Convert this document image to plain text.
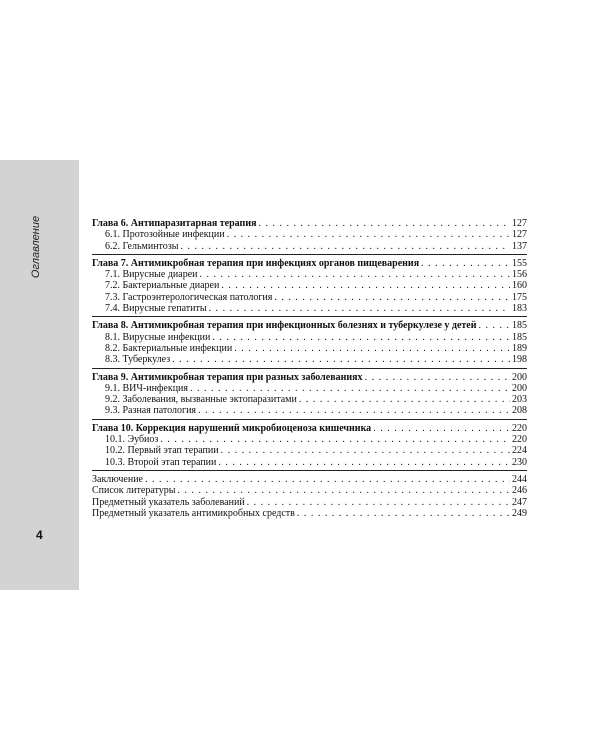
Оглавление
4
Глава 6. Антипаразитарная терапия . . .	127
6.1. Протозойные инфекции . . .	127
6.2. Гельминтозы . . .	137
Глава 7. Антимикробная терапия при инфекциях органов пищеварения . . .	155
7.1. Вирусные диареи . . .	156
7.2. Бактериальные диареи . . .	160
7.3. Гастроэнтерологическая патология . . .	175
7.4. Вирусные гепатиты . . .	183
Глава 8. Антимикробная терапия при инфекционных болезнях и туберкулезе у детей . . .	185
8.1. Вирусные инфекции . . .	185
8.2. Бактериальные инфекции . . .	189
8.3. Туберкулез . . .	198
Глава 9. Антимикробная терапия при разных заболеваниях . . .	200
9.1. ВИЧ-инфекция . . .	200
9.2. Заболевания, вызванные эктопаразитами . . .	203
9.3. Разная патология . . .	208
Глава 10. Коррекция нарушений микробиоценоза кишечника . . .	220
10.1. Эубиоз . . .	220
10.2. Первый этап терапии . . .	224
10.3. Второй этап терапии . . .	230
Заключение . . .	244
Список литературы . . .	246
Предметный указатель заболеваний . . .	247
Предметный указатель антимикробных средств . . .	249
